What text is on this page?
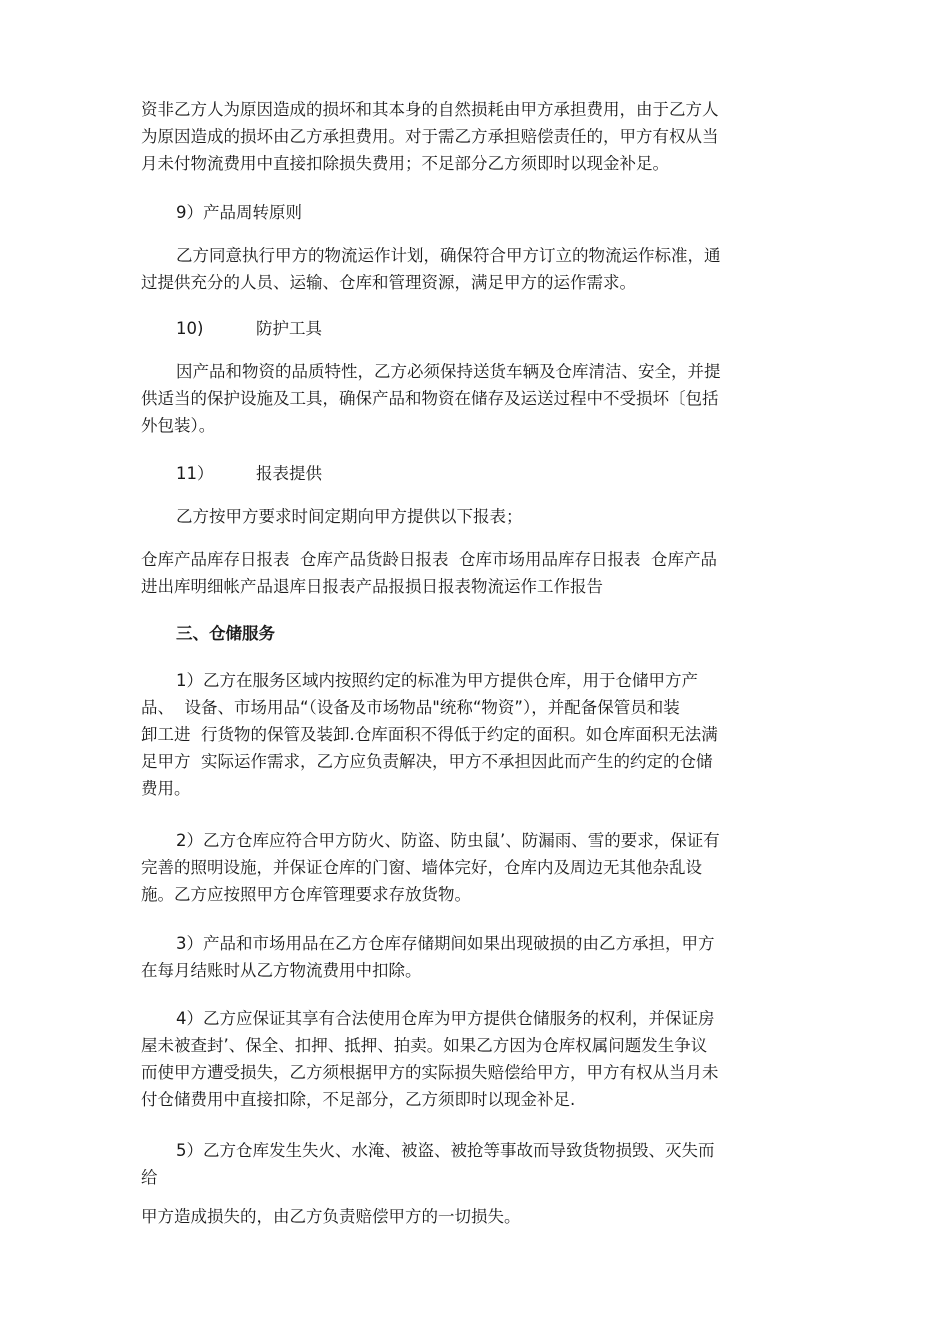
资非乙方人为原因造成的损坏和其本身的自然损耗由甲方承担费用，由于乙方人
为原因造成的损坏由乙方承担费用。对于需乙方承担赔偿责任的，甲方有权从当
月未付物流费用中直接扣除损失费用；不足部分乙方须即时以现金补足。
9）产品周转原则
乙方同意执行甲方的物流运作计划，确保符合甲方订立的物流运作标准，通
过提供充分的人员、运输、仓库和管理资源，满足甲方的运作需求。
10)	防护工具
因产品和物资的品质特性，乙方必须保持送货车辆及仓库清洁、安全，并提
供适当的保护设施及工具，确保产品和物资在储存及运送过程中不受损坏〔包括
外包装）。
11）	报表提供
乙方按甲方要求时间定期向甲方提供以下报表；
仓库产品库存日报表  仓库产品货龄日报表  仓库市场用品库存日报表  仓库产品
进出库明细帐产品退库日报表产品报损日报表物流运作工作报告
三、仓储服务
1）乙方在服务区域内按照约定的标准为甲方提供仓库，用于仓储甲方产
品、  设备、市场用品“（设备及市场物品"统称“物资”），并配备保管员和装
卸工进  行货物的保管及装卸.仓库面积不得低于约定的面积。如仓库面积无法满
足甲方  实际运作需求，乙方应负责解决，甲方不承担因此而产生的约定的仓储
费用。
2）乙方仓库应符合甲方防火、防盗、防虫鼠’、防漏雨、雪的要求，保证有
完善的照明设施，并保证仓库的门窗、墙体完好，仓库内及周边无其他杂乱设
施。乙方应按照甲方仓库管理要求存放货物。
3）产品和市场用品在乙方仓库存储期间如果出现破损的由乙方承担，甲方
在每月结账时从乙方物流费用中扣除。
4）乙方应保证其享有合法使用仓库为甲方提供仓储服务的权利，并保证房
屋未被查封’、保全、扣押、抵押、拍卖。如果乙方因为仓库权属问题发生争议
而使甲方遭受损失，乙方须根据甲方的实际损失赔偿给甲方，甲方有权从当月未
付仓储费用中直接扣除，不足部分，乙方须即时以现金补足.
5）乙方仓库发生失火、水淹、被盗、被抢等事故而导致货物损毁、灭失而
给
甲方造成损失的，由乙方负责赔偿甲方的一切损失。
